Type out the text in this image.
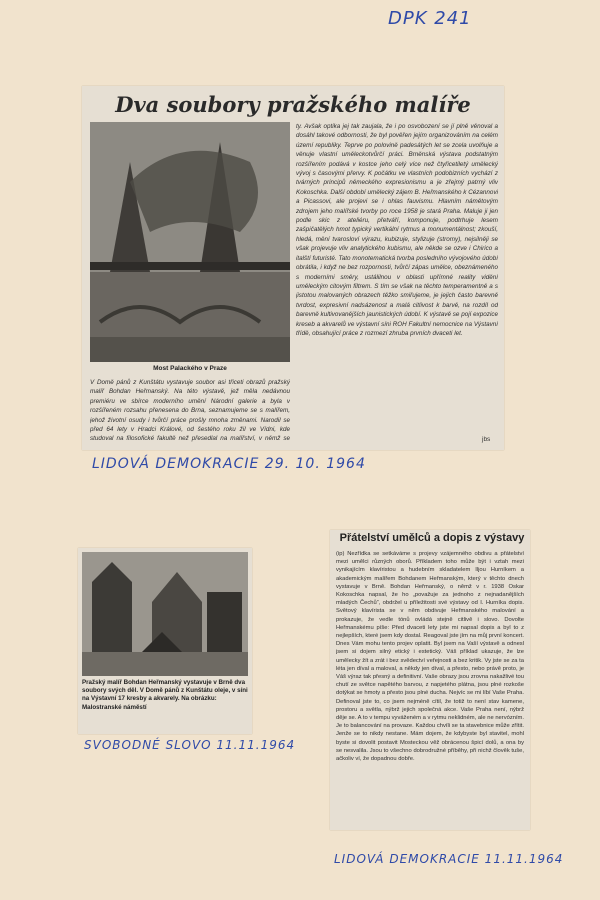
DPK 241
Dva soubory pražského malíře
Most Palackého v Praze
V Domě pánů z Kunštátu vystavuje soubor asi třiceti obrazů pražský malíř Bohdan Heřmanský. Na této výstavě, jež měla nedávnou premiéru ve sbírce moderního umění Národní galerie a byla v rozšířeném rozsahu přenesena do Brna, seznamujeme se s malířem, jehož životní osudy i tvůrčí práce prošly mnoha změnami. Narodil se před 64 lety v Hradci Králové, od šestého roku žil ve Vídni, kde studoval na filosofické fakultě než přesedlal na malířství, v němž se
ty. Avšak optika jej tak zaujala, že i po osvobození se jí plně věnoval a dosáhl takové odbornosti, že byl pověřen jejím organizováním na celém území republiky. Teprve po polovině padesátých let se zcela uvolňuje a věnuje vlastní uměleckotvůrčí práci. Brněnská výstava podstatným rozšířením podává v kostce jeho celý více než čtyřicetiletý umělecký vývoj s časovými přervy. K počátku ve vlastních podobizních vychází z tvárných principů německého expresionismu a je zřejmý patrný vliv Kokoschka. Další období umělecký zájem B. Heřmanského k Cézannovi a Picassovi, ale projevi se i ohlas fauvismu. Hlavním námětovým zdrojem jeho malířské tvorby po roce 1958 je stará Praha. Maluje ji jen podle skic z ateliéru, přetváří, komponuje, podtrhuje lesem zašpičatělých hmot typický vertikální rytmus a monumentálnost; zkouší, hledá, mění tvarosloví výrazu, kubizuje, stylizuje (stromy), nejsilněji se však projevuje vliv analytického kubismu, ale někde se ozve i Chirico a italští futuristé. Tato monotematická tvorba posledního vývojového údobí obrátila, i když ne bez rozpornosti, tvůrčí zápas umělce, obeznámeného s moderními směry, ustálilnou v oblasti upřímné reality vidění uměleckým citovým filtrem. S tím se však na těchto temperamentně a s jistotou malovaných obrazech těžko smiřujeme, je jejich často barevně tvrdost, expresivní nadsázenost a malá citlivost k barvě, na rozdíl od barevně kultivovanějších jaunistických údobí. K výstavě se pojí expozice kreseb a akvarelů ve výstavní síni ROH Fakultní nemocnice na Výstavní třídě, obsahující práce z rozmezí zhruba prvních dvaceti let.
jbs
LIDOVÁ DEMOKRACIE 29. 10. 1964
Pražský malíř Bohdan Heřmanský vystavuje v Brně dva soubory svých děl. V Domě pánů z Kunštátu oleje, v síni na Výstavní 17 kresby a akvarely. Na obrázku: Malostranské náměstí
SVOBODNÉ SLOVO 11.11.1964
Přátelství umělců a dopis z výstavy
(ip) Nezřídka se setkáváme s projevy vzájemného obdivu a přátelství mezi umělci různých oborů. Příkladem toho může být i vztah mezi vynikajícím klavíristou a hudebním skladatelem Iljou Hurníkem a akademickým malířem Bohdanem Heřmanským, který v těchto dnech vystavuje v Brně. Bohdan Heřmanský, o němž v r. 1938 Oskar Kokoschka napsal, že ho „považuje za jednoho z nejnadanějších mladých Čechů“, obdržel u příležitosti své výstavy od I. Hurníka dopis. Světový klavírista se v něm obdivuje Heřmanského malování a prokazuje, že vedle tónů ovládá stejně citlivě i slovo. Dovolte Heřmanskému píše: Před dvaceti lety jste mi napsal dopis a byl to z nejlepších, které jsem kdy dostal. Reagoval jste jím na můj první koncert. Dnes Vám mohu tento projev oplatit. Byl jsem na Vaší výstavě a odnesl jsem si dojem silný etický i estetický. Váš příklad ukazuje, že lze umělecky žít a zrát i bez svědectví veřejnosti a bez kritik. Vy jste se za ta léta jen díval a maloval, a někdy jen díval, a přesto, nebo právě proto, je Váš výraz tak přesný a definitivní. Vaše obrazy jsou zrovna nakažlivé tou chutí ze světce napětého barvou, z napjetého plátna, jsou plné rozkoše dotýkat se hmoty a přesto jsou plné ducha. Nejvíc se mi líbí Vaše Praha. Definoval jste to, co jsem nejméně cítil, že totiž to není stav kamene, prostoru a světla, nýbrž jejich společná akce. Vaše Praha není, nýbrž děje se. A to v tempu vyváženém a v rytmu neklidném, ale ne nervózním. Je to balancování na provaze. Každou chvíli se ta stavebnice může zřítit. Jenže se to nikdy nestane. Mám dojem, že kdybyste byl stavitel, mohl byste si dovolit postavit Mosteckou věž obrácenou špicí dolů, a ona by se nesvalila. Jsou to všechno dobrodružné příběhy, při nichž člověk tuše, ačkoliv ví, že dopadnou dobře.
LIDOVÁ DEMOKRACIE 11.11.1964
